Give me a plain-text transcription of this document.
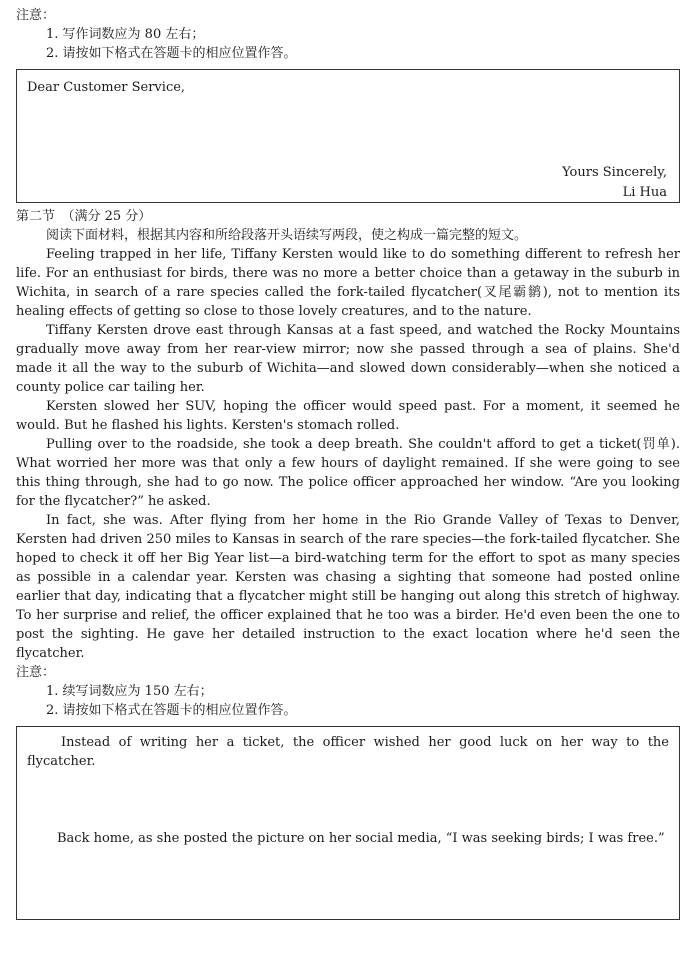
注意：
1. 写作词数应为 80 左右；
2. 请按如下格式在答题卡的相应位置作答。
Dear Customer Service,
Yours Sincerely,
Li Hua
第二节　（满分 25 分）
阅读下面材料，根据其内容和所给段落开头语续写两段，使之构成一篇完整的短文。
Feeling trapped in her life, Tiffany Kersten would like to do something different to refresh her life. For an enthusiast for birds, there was no more a better choice than a getaway in the suburb in Wichita, in search of a rare species called the fork-tailed flycatcher(叉尾霸鹟), not to mention its healing effects of getting so close to those lovely creatures, and to the nature.
Tiffany Kersten drove east through Kansas at a fast speed, and watched the Rocky Mountains gradually move away from her rear-view mirror; now she passed through a sea of plains. She'd made it all the way to the suburb of Wichita—and slowed down considerably—when she noticed a county police car tailing her.
Kersten slowed her SUV, hoping the officer would speed past. For a moment, it seemed he would. But he flashed his lights. Kersten's stomach rolled.
Pulling over to the roadside, she took a deep breath. She couldn't afford to get a ticket(罚单). What worried her more was that only a few hours of daylight remained. If she were going to see this thing through, she had to go now. The police officer approached her window. “Are you looking for the flycatcher?” he asked.
In fact, she was. After flying from her home in the Rio Grande Valley of Texas to Denver, Kersten had driven 250 miles to Kansas in search of the rare species—the fork-tailed flycatcher. She hoped to check it off her Big Year list—a bird-watching term for the effort to spot as many species as possible in a calendar year. Kersten was chasing a sighting that someone had posted online earlier that day, indicating that a flycatcher might still be hanging out along this stretch of highway. To her surprise and relief, the officer explained that he too was a birder. He'd even been the one to post the sighting. He gave her detailed instruction to the exact location where he'd seen the flycatcher.
注意：
1. 续写词数应为 150 左右；
2. 请按如下格式在答题卡的相应位置作答。
Instead of writing her a ticket, the officer wished her good luck on her way to the flycatcher.
Back home, as she posted the picture on her social media, “I was seeking birds; I was free.”
